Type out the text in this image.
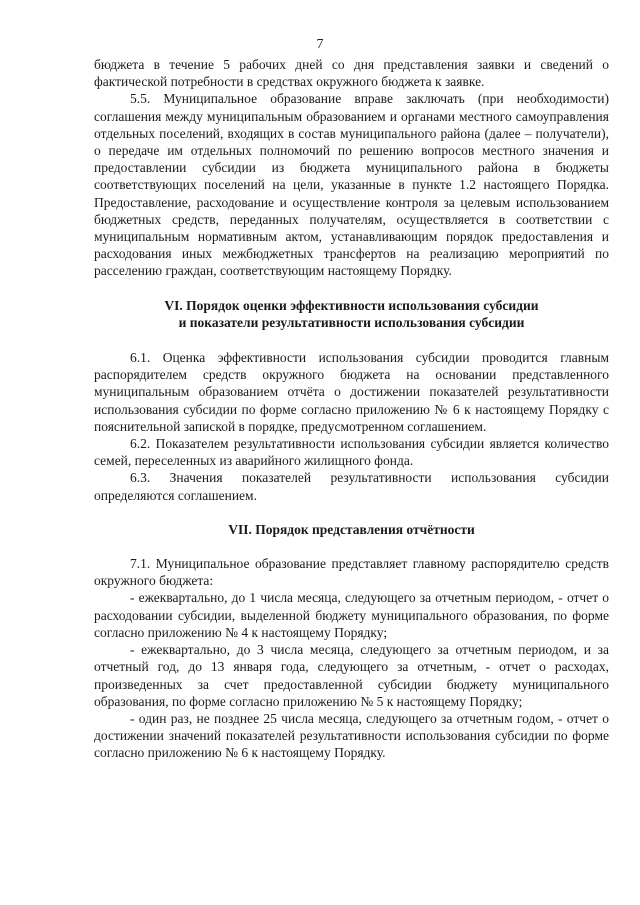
7

бюджета в течение 5 рабочих дней со дня представления заявки и сведений о фактической потребности в средствах окружного бюджета к заявке.

5.5. Муниципальное образование вправе заключать (при необходимости) соглашения между муниципальным образованием и органами местного самоуправления отдельных поселений, входящих в состав муниципального района (далее – получатели), о передаче им отдельных полномочий по решению вопросов местного значения и предоставлении субсидии из бюджета муниципального района в бюджеты соответствующих поселений на цели, указанные в пункте 1.2 настоящего Порядка. Предоставление, расходование и осуществление контроля за целевым использованием бюджетных средств, переданных получателям, осуществляется в соответствии с муниципальным нормативным актом, устанавливающим порядок предоставления и расходования иных межбюджетных трансфертов на реализацию мероприятий по расселению граждан, соответствующим настоящему Порядку.

VI. Порядок оценки эффективности использования субсидии
и показатели результативности использования субсидии

6.1. Оценка эффективности использования субсидии проводится главным распорядителем средств окружного бюджета на основании представленного муниципальным образованием отчёта о достижении показателей результативности использования субсидии по форме согласно приложению № 6 к настоящему Порядку с пояснительной запиской в порядке, предусмотренном соглашением.

6.2. Показателем результативности использования субсидии является количество семей, переселенных из аварийного жилищного фонда.

6.3. Значения показателей результативности использования субсидии определяются соглашением.

VII. Порядок представления отчётности

7.1. Муниципальное образование представляет главному распорядителю средств окружного бюджета:

- ежеквартально, до 1 числа месяца, следующего за отчетным периодом, - отчет о расходовании субсидии, выделенной бюджету муниципального образования, по форме согласно приложению № 4 к настоящему Порядку;

- ежеквартально, до 3 числа месяца, следующего за отчетным периодом, и за отчетный год, до 13 января года, следующего за отчетным, - отчет о расходах, произведенных за счет предоставленной субсидии бюджету муниципального образования, по форме согласно приложению № 5 к настоящему Порядку;

- один раз, не позднее 25 числа месяца, следующего за отчетным годом, - отчет о достижении значений показателей результативности использования субсидии по форме согласно приложению № 6 к настоящему Порядку.
